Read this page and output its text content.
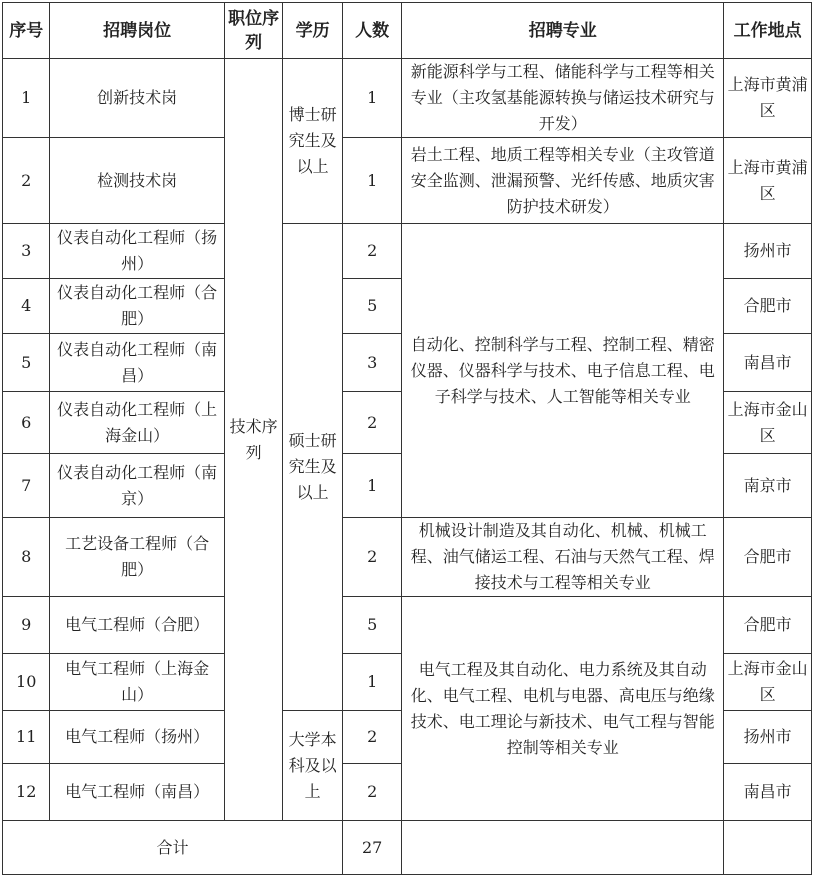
序号	招聘岗位	职位序列	学历	人数	招聘专业	工作地点
1	创新技术岗	技术序列	博士研究生及以上	1	新能源科学与工程、储能科学与工程等相关专业（主攻氢基能源转换与储运技术研究与开发）	上海市黄浦区
2	检测技术岗			1	岩土工程、地质工程等相关专业（主攻管道安全监测、泄漏预警、光纤传感、地质灾害防护技术研发）	上海市黄浦区
3	仪表自动化工程师（扬州）		硕士研究生及以上	2	自动化、控制科学与工程、控制工程、精密仪器、仪器科学与技术、电子信息工程、电子科学与技术、人工智能等相关专业	扬州市
4	仪表自动化工程师（合肥）			5		合肥市
5	仪表自动化工程师（南昌）			3		南昌市
6	仪表自动化工程师（上海金山）			2		上海市金山区
7	仪表自动化工程师（南京）			1		南京市
8	工艺设备工程师（合肥）			2	机械设计制造及其自动化、机械、机械工程、油气储运工程、石油与天然气工程、焊接技术与工程等相关专业	合肥市
9	电气工程师（合肥）			5	电气工程及其自动化、电力系统及其自动化、电气工程、电机与电器、高电压与绝缘技术、电工理论与新技术、电气工程与智能控制等相关专业	合肥市
10	电气工程师（上海金山）			1		上海市金山区
11	电气工程师（扬州）		大学本科及以上	2		扬州市
12	电气工程师（南昌）			2		南昌市
合计				27		
